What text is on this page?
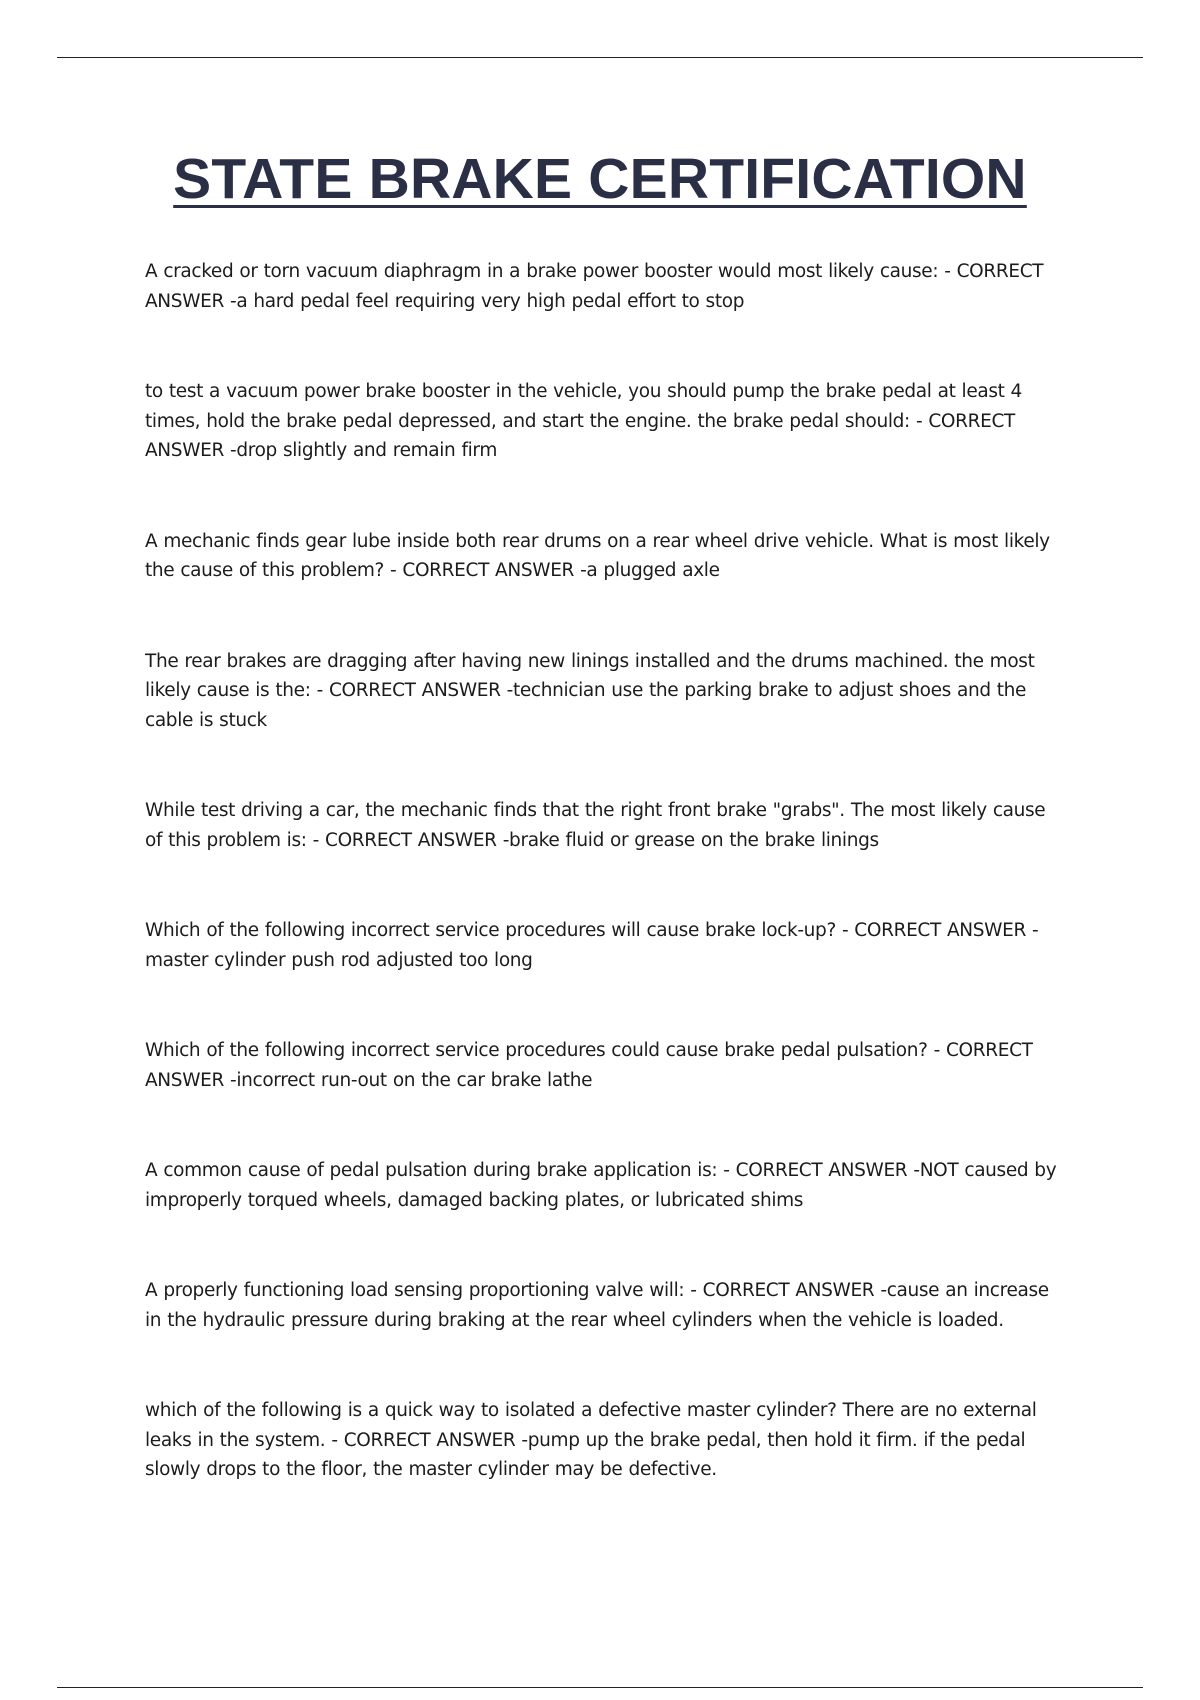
STATE BRAKE CERTIFICATION

A cracked or torn vacuum diaphragm in a brake power booster would most likely cause: - CORRECT ANSWER -a hard pedal feel requiring very high pedal effort to stop

to test a vacuum power brake booster in the vehicle, you should pump the brake pedal at least 4 times, hold the brake pedal depressed, and start the engine. the brake pedal should: - CORRECT ANSWER -drop slightly and remain firm

A mechanic finds gear lube inside both rear drums on a rear wheel drive vehicle. What is most likely the cause of this problem? - CORRECT ANSWER -a plugged axle

The rear brakes are dragging after having new linings installed and the drums machined. the most likely cause is the: - CORRECT ANSWER -technician use the parking brake to adjust shoes and the cable is stuck

While test driving a car, the mechanic finds that the right front brake "grabs". The most likely cause of this problem is: - CORRECT ANSWER -brake fluid or grease on the brake linings

Which of the following incorrect service procedures will cause brake lock-up? - CORRECT ANSWER -master cylinder push rod adjusted too long

Which of the following incorrect service procedures could cause brake pedal pulsation? - CORRECT ANSWER -incorrect run-out on the car brake lathe

A common cause of pedal pulsation during brake application is: - CORRECT ANSWER -NOT caused by improperly torqued wheels, damaged backing plates, or lubricated shims

A properly functioning load sensing proportioning valve will: - CORRECT ANSWER -cause an increase in the hydraulic pressure during braking at the rear wheel cylinders when the vehicle is loaded.

which of the following is a quick way to isolated a defective master cylinder? There are no external leaks in the system. - CORRECT ANSWER -pump up the brake pedal, then hold it firm. if the pedal slowly drops to the floor, the master cylinder may be defective.
